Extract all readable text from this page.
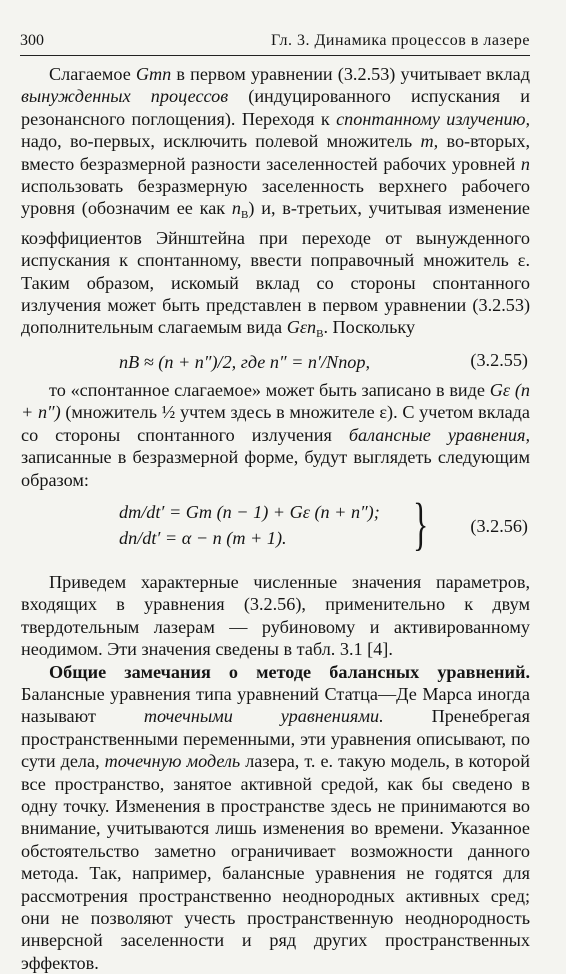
300	Гл. 3. Динамика процессов в лазере

Слагаемое Gmn в первом уравнении (3.2.53) учитывает вклад вынужденных процессов (индуцированного испускания и резонансного поглощения). Переходя к спонтанному излучению, надо, во-первых, исключить полевой множитель m, во-вторых, вместо безразмерной разности заселенностей рабочих уровней n использовать безразмерную заселенность верхнего рабочего уровня (обозначим ее как $n_B$) и, в-третьих, учитывая изменение коэффициентов Эйнштейна при переходе от вынужденного испускания к спонтанному, ввести поправочный множитель ε. Таким образом, искомый вклад со стороны спонтанного излучения может быть представлен в первом уравнении (3.2.53) дополнительным слагаемым вида Gεn$_B$. Поскольку

nB ≈ (n + n″)/2, где n″ = n′/Nпор,	(3.2.55)

то «спонтанное слагаемое» может быть записано в виде Gε (n + n″) (множитель ½ учтем здесь в множителе ε). С учетом вклада со стороны спонтанного излучения балансные уравнения, записанные в безразмерной форме, будут выглядеть следующим образом:

dm/dt′ = Gm (n − 1) + Gε (n + n″);
dn/dt′ = α − n (m + 1). } (3.2.56)

Приведем характерные численные значения параметров, входящих в уравнения (3.2.56), применительно к двум твердотельным лазерам — рубиновому и активированному неодимом. Эти значения сведены в табл. 3.1 [4].

Общие замечания о методе балансных уравнений. Балансные уравнения типа уравнений Статца—Де Марса иногда называют точечными уравнениями. Пренебрегая пространственными переменными, эти уравнения описывают, по сути дела, точечную модель лазера, т. е. такую модель, в которой все пространство, занятое активной средой, как бы сведено в одну точку. Изменения в пространстве здесь не принимаются во внимание, учитываются лишь изменения во времени. Указанное обстоятельство заметно ограничивает возможности данного метода. Так, например, балансные уравнения не годятся для рассмотрения пространственно неоднородных активных сред; они не позволяют учесть пространственную неоднородность инверсной заселенности и ряд других пространственных эффектов.
